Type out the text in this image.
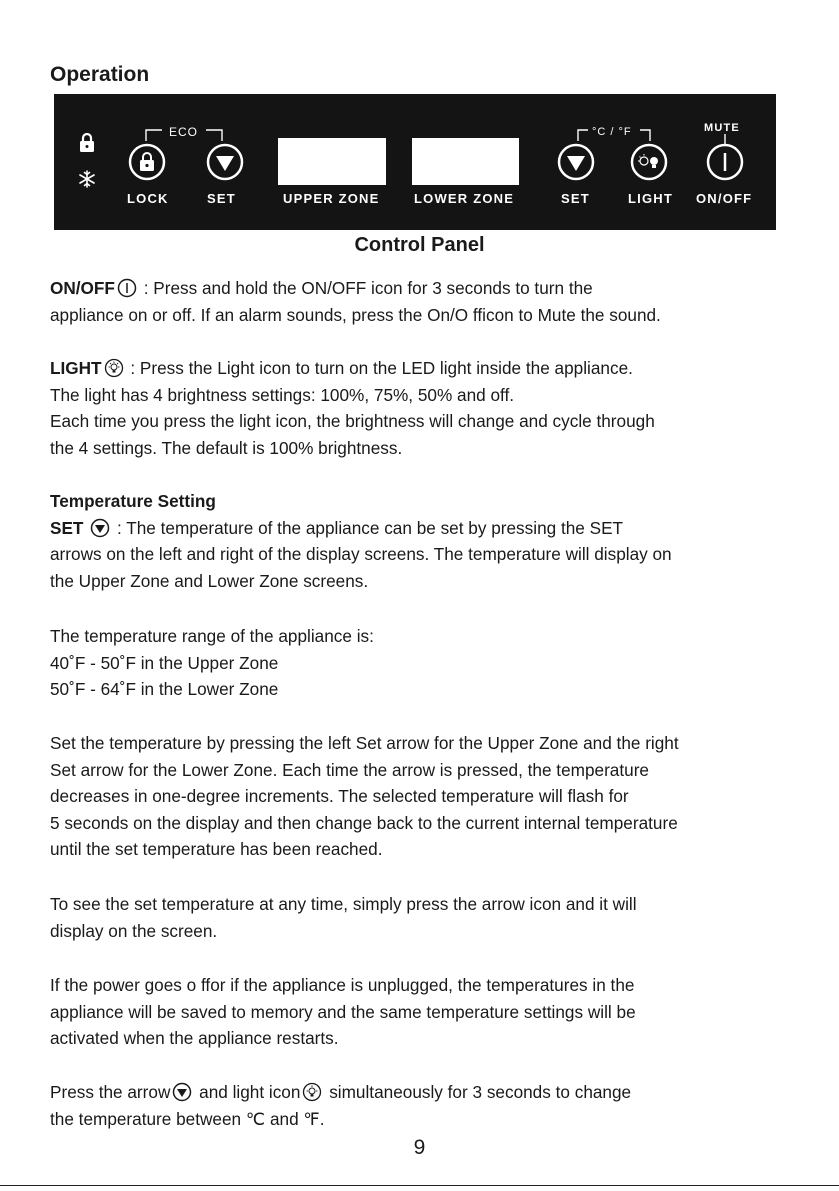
Operation
ECO	°C / °F	MUTE
LOCK	SET	UPPER ZONE	LOWER ZONE	SET	LIGHT ON/OFF
Control Panel
ON/OFF : Press and hold the ON/OFF icon for 3 seconds to turn the
appliance on or off. If an alarm sounds, press the On/O fficon to Mute the sound.
LIGHT : Press the Light icon to turn on the LED light inside the appliance.
The light has 4 brightness settings: 100%, 75%, 50% and off.
Each time you press the light icon, the brightness will change and cycle through
the 4 settings. The default is 100% brightness.
Temperature Setting
SET  : The temperature of the appliance can be set by pressing the SET
arrows on the left and right of the display screens. The temperature will display on
the Upper Zone and Lower Zone screens.
The temperature range of the appliance is:
40˚F - 50˚F in the Upper Zone
50˚F - 64˚F in the Lower Zone
Set the temperature by pressing the left Set arrow for the Upper Zone and the right
Set arrow for the Lower Zone. Each time the arrow is pressed, the temperature
decreases in one-degree increments. The selected temperature will flash for
5 seconds on the display and then change back to the current internal temperature
until the set temperature has been reached.
To see the set temperature at any time, simply press the arrow icon and it will
display on the screen.
If the power goes o ffor if the appliance is unplugged, the temperatures in the
appliance will be saved to memory and the same temperature settings will be
activated when the appliance restarts.
Press the arrow and light icon simultaneously for 3 seconds to change
the temperature between ℃ and ℉.
9
